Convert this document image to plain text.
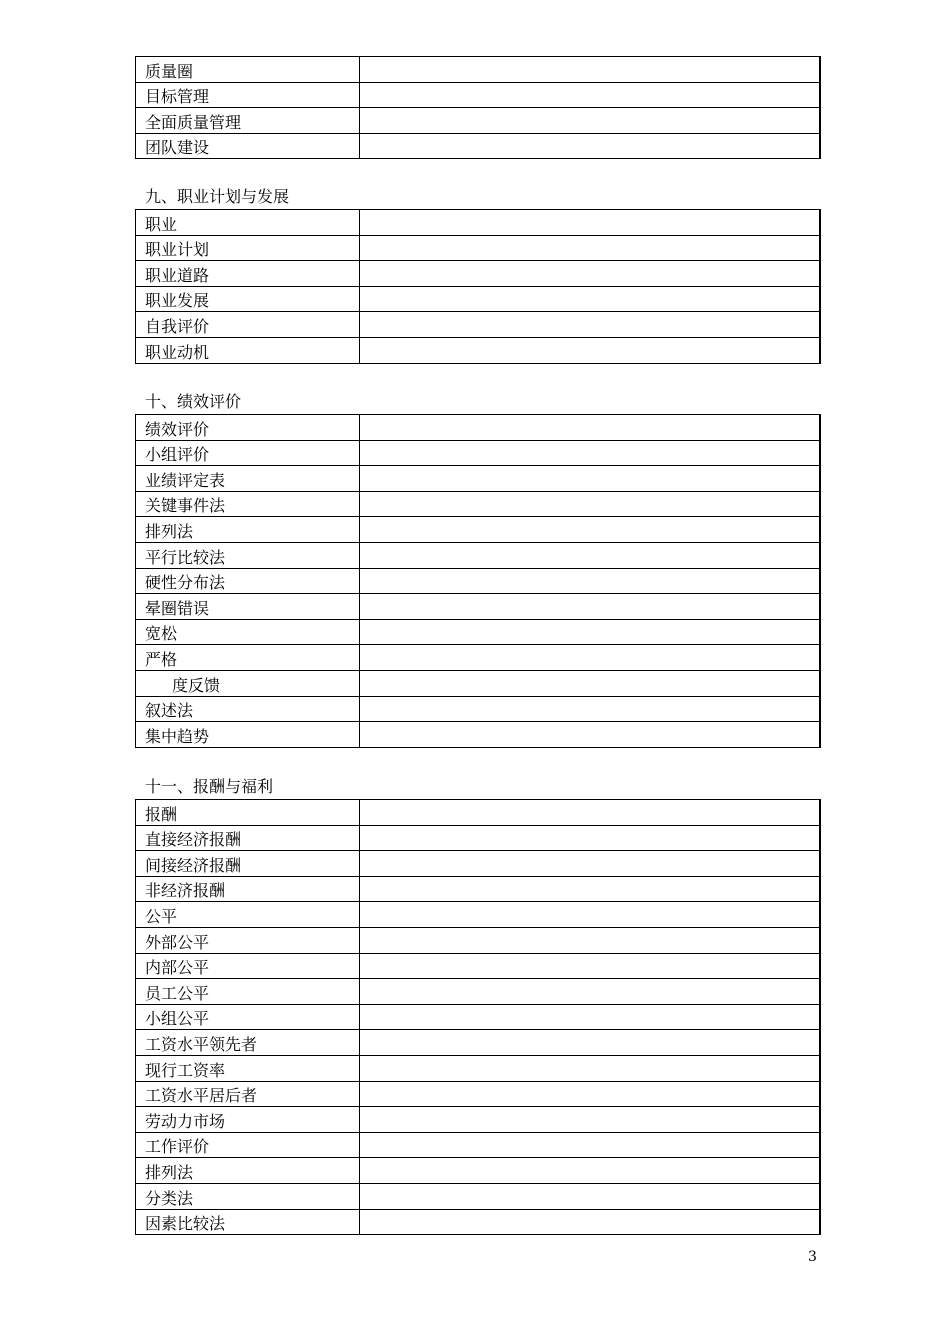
质量圈	
目标管理	
全面质量管理	
团队建设	
九、职业计划与发展
职业	
职业计划	
职业道路	
职业发展	
自我评价	
职业动机	
十、绩效评价
绩效评价	
小组评价	
业绩评定表	
关键事件法	
排列法	
平行比较法	
硬性分布法	
晕圈错误	
宽松	
严格	
度反馈	
叙述法	
集中趋势	
十一、报酬与福利
报酬	
直接经济报酬	
间接经济报酬	
非经济报酬	
公平	
外部公平	
内部公平	
员工公平	
小组公平	
工资水平领先者	
现行工资率	
工资水平居后者	
劳动力市场	
工作评价	
排列法	
分类法	
因素比较法	
3
